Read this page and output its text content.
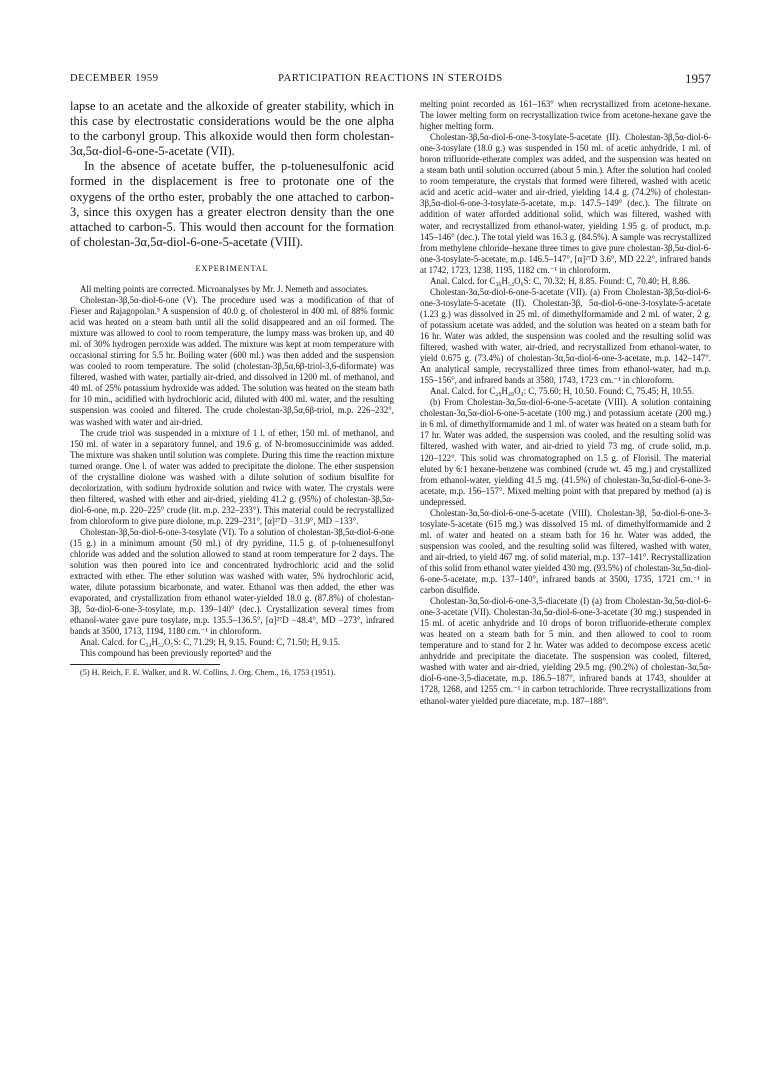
DECEMBER 1959	PARTICIPATION REACTIONS IN STEROIDS	1957

lapse to an acetate and the alkoxide of greater stability, which in this case by electrostatic considerations would be the one alpha to the carbonyl group. This alkoxide would then form cholestan-3α,5α-diol-6-one-5-acetate (VII).

In the absence of acetate buffer, the p-toluenesulfonic acid formed in the displacement is free to protonate one of the oxygens of the ortho ester, probably the one attached to carbon-3, since this oxygen has a greater electron density than the one attached to carbon-5. This would then account for the formation of cholestan-3α,5α-diol-6-one-5-acetate (VIII).

EXPERIMENTAL

All melting points are corrected. Microanalyses by Mr. J. Nemeth and associates.

Cholestan-3β,5α-diol-6-one (V). The procedure used was a modification of that of Fieser and Rajagopolan.⁵ A suspension of 40.0 g. of cholesterol in 400 ml. of 88% formic acid was heated on a steam bath until all the solid disappeared and an oil formed. The mixture was allowed to cool to room temperature, the lumpy mass was broken up, and 40 ml. of 30% hydrogen peroxide was added. The mixture was kept at room temperature with occasional stirring for 5.5 hr. Boiling water (600 ml.) was then added and the suspension was cooled to room temperature. The solid (cholestan-3β,5α,6β-triol-3,6-diformate) was filtered, washed with water, partially air-dried, and dissolved in 1200 ml. of methanol, and 40 ml. of 25% potassium hydroxide was added. The solution was heated on the steam bath for 10 min., acidified with hydrochloric acid, diluted with 400 ml. water, and the resulting suspension was cooled and filtered. The crude cholestan-3β,5α,6β-triol, m.p. 226–232°, was washed with water and air-dried.

The crude triol was suspended in a mixture of 1 l. of ether, 150 ml. of methanol, and 150 ml. of water in a separatory funnel, and 19.6 g. of N-bromosuccinimide was added. The mixture was shaken until solution was complete. During this time the reaction mixture turned orange. One l. of water was added to precipitate the diolone. The ether suspension of the crystalline diolone was washed with a dilute solution of sodium bisulfite for decolorization, with sodium hydroxide solution and twice with water. The crystals were then filtered, washed with ether and air-dried, yielding 41.2 g. (95%) of cholestan-3β,5α-diol-6-one, m.p. 220–225° crude (lit. m.p. 232–233°). This material could be recrystallized from chloroform to give pure diolone, m.p. 229–231°, [α]²⁷D −31.9°, MD −133°.

Cholestan-3β,5α-diol-6-one-3-tosylate (VI). To a solution of cholestan-3β,5α-diol-6-one (15 g.) in a minimum amount (50 ml.) of dry pyridine, 11.5 g. of p-toluenesulfonyl chloride was added and the solution allowed to stand at room temperature for 2 days. The solution was then poured into ice and concentrated hydrochloric acid and the solid extracted with ether. The ether solution was washed with water, 5% hydrochloric acid, water, dilute potassium bicarbonate, and water. Ethanol was then added, the ether was evaporated, and crystallization from ethanol water-yielded 18.0 g. (87.8%) of cholestan-3β, 5α-diol-6-one-3-tosylate, m.p. 139–140° (dec.). Crystallization several times from ethanol-water gave pure tosylate, m.p. 135.5–136.5°, [α]²⁷D −48.4°, MD −273°, infrared bands at 3500, 1713, 1194, 1180 cm.⁻¹ in chloroform.

Anal. Calcd. for C₃₄H₅₂O₅S: C, 71.29; H, 9.15. Found: C, 71.50; H, 9.15.

This compound has been previously reported⁵ and the

(5) H. Reich, F. E. Walker, and R. W. Collins, J. Org. Chem., 16, 1753 (1951).

melting point recorded as 161–163° when recrystallized from acetone-hexane. The lower melting form on recrystallization twice from acetone-hexane gave the higher melting form.

Cholestan-3β,5α-diol-6-one-3-tosylate-5-acetate (II). Cholestan-3β,5α-diol-6-one-3-tosylate (18.0 g.) was suspended in 150 ml. of acetic anhydride, 1 ml. of boron trifluoride-etherate complex was added, and the suspension was heated on a steam bath until solution occurred (about 5 min.). After the solution had cooled to room temperature, the crystals that formed were filtered, washed with acetic acid and acetic acid–water and air-dried, yielding 14.4 g. (74.2%) of cholestan-3β,5α-diol-6-one-3-tosylate-5-acetate, m.p. 147.5–149° (dec.). The filtrate on addition of water afforded additional solid, which was filtered, washed with water, and recrystallized from ethanol-water, yielding 1.95 g. of product, m.p. 145–146° (dec.). The total yield was 16.3 g. (84.5%). A sample was recrystallized from methylene chloride–hexane three times to give pure cholestan-3β,5α-diol-6-one-3-tosylate-5-acetate, m.p. 146.5–147°, [α]²⁷D 3.6°, MD 22.2°, infrared bands at 1742, 1723, 1238, 1195, 1182 cm.⁻¹ in chloroform.

Anal. Calcd. for C₃₆H₅₄O₆S: C, 70.32; H, 8.85. Found: C, 70.40; H, 8.86.

Cholestan-3α,5α-diol-6-one-5-acetate (VII). (a) From Cholestan-3β,5α-diol-6-one-3-tosylate-5-acetate (II). Cholestan-3β, 5α-diol-6-one-3-tosylate-5-acetate (1.23 g.) was dissolved in 25 ml. of dimethylformamide and 2 ml. of water, 2 g. of potassium acetate was added, and the solution was heated on a steam bath for 16 hr. Water was added, the suspension was cooled and the resulting solid was filtered, washed with water, air-dried, and recrystallized from ethanol-water, to yield 0.675 g. (73.4%) of cholestan-3α,5α-diol-6-one-3-acetate, m.p. 142–147°. An analytical sample, recrystallized three times from ethanol-water, had m.p. 155–156°, and infrared bands at 3580, 1743, 1723 cm.⁻¹ in chloroform.

Anal. Calcd. for C₂₉H₄₈O₄: C, 75.60; H, 10.50. Found: C, 75.45; H, 10.55.

(b) From Cholestan-3α,5α-diol-6-one-5-acetate (VIII). A solution containing cholestan-3α,5α-diol-6-one-5-acetate (100 mg.) and potassium acetate (200 mg.) in 6 ml. of dimethylformamide and 1 ml. of water was heated on a steam bath for 17 hr. Water was added, the suspension was cooled, and the resulting solid was filtered, washed with water, and air-dried to yield 73 mg. of crude solid, m.p. 120–122°. This solid was chromatographed on 1.5 g. of Florisil. The material eluted by 6:1 hexane-benzene was combined (crude wt. 45 mg.) and crystallized from ethanol-water, yielding 41.5 mg. (41.5%) of cholestan-3α,5α-diol-6-one-3-acetate, m.p. 156–157°. Mixed melting point with that prepared by method (a) is undepressed.

Cholestan-3α,5α-diol-6-one-5-acetate (VIII). Cholestan-3β, 5α-diol-6-one-3-tosylate-5-acetate (615 mg.) was dissolved 15 ml. of dimethylformamide and 2 ml. of water and heated on a steam bath for 16 hr. Water was added, the suspension was cooled, and the resulting solid was filtered, washed with water, and air-dried, to yield 467 mg. of solid material, m.p. 137–141°. Recrystallization of this solid from ethanol water yielded 430 mg. (93.5%) of cholestan-3α,5α-diol-6-one-5-acetate, m.p. 137–140°, infrared bands at 3500, 1735, 1721 cm.⁻¹ in carbon disulfide.

Cholestan-3α,5α-diol-6-one-3,5-diacetate (I) (a) from Cholestan-3α,5α-diol-6-one-3-acetate (VII). Cholestan-3α,5α-diol-6-one-3-acetate (30 mg.) suspended in 15 ml. of acetic anhydride and 10 drops of boron trifluoride-etherate complex was heated on a steam bath for 5 min. and then allowed to cool to room temperature and to stand for 2 hr. Water was added to decompose excess acetic anhydride and precipitate the diacetate. The suspension was cooled, filtered, washed with water and air-dried, yielding 29.5 mg. (90.2%) of cholestan-3α,5α-diol-6-one-3,5-diacetate, m.p. 186.5–187°, infrared bands at 1743, shoulder at 1728, 1268, and 1255 cm.⁻¹ in carbon tetrachloride. Three recrystallizations from ethanol-water yielded pure diacetate, m.p. 187–188°.
